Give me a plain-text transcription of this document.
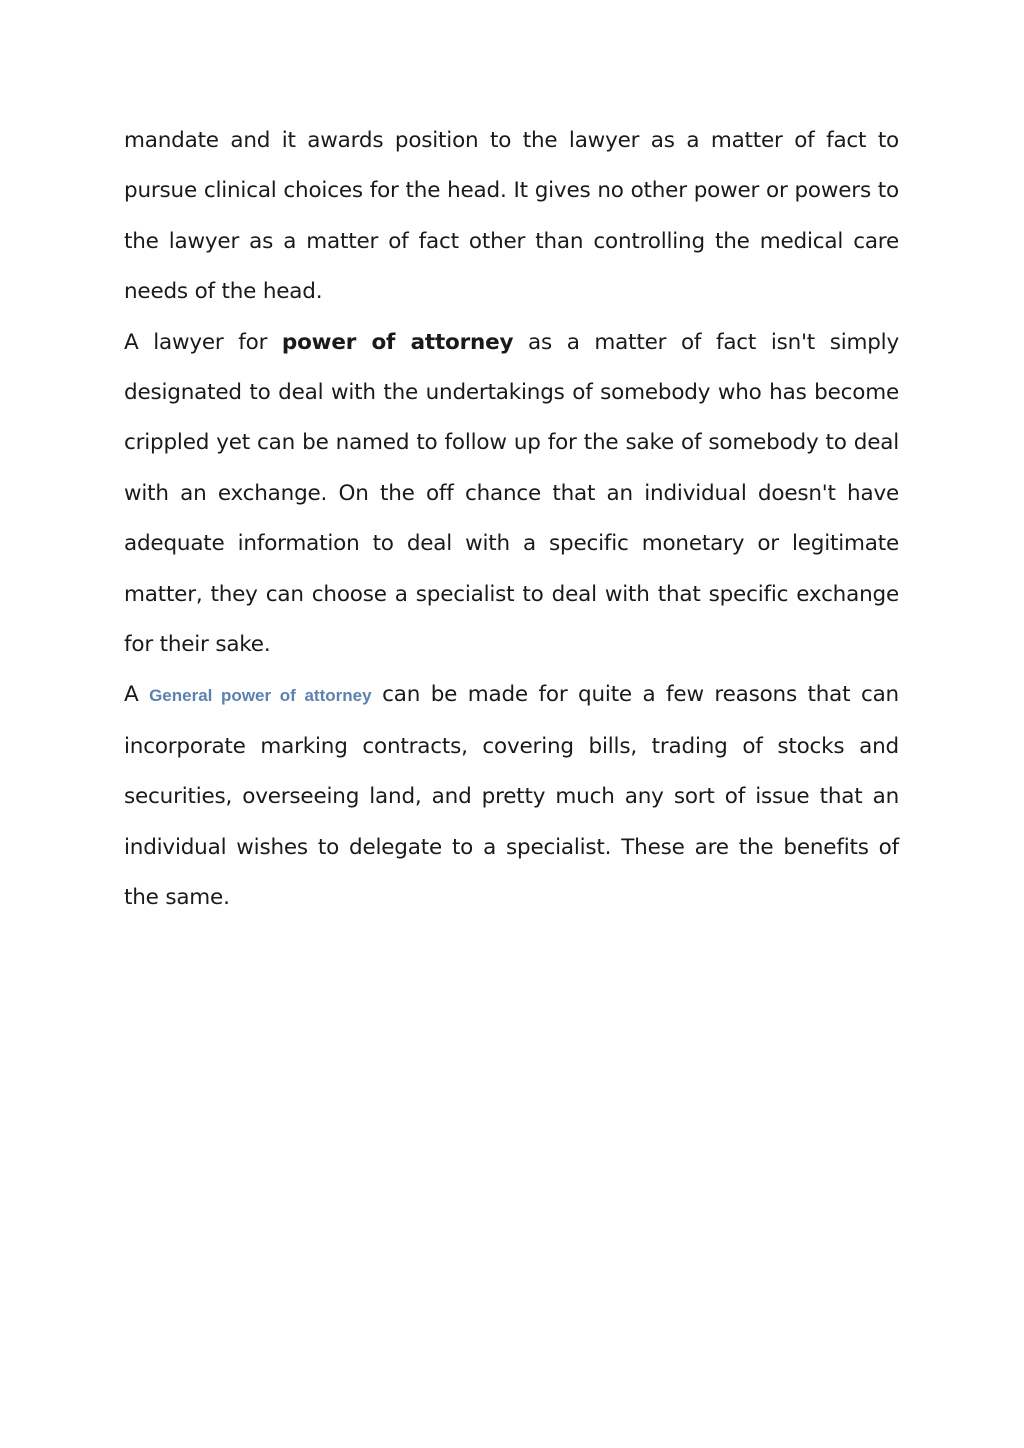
mandate and it awards position to the lawyer as a matter of fact to pursue clinical choices for the head. It gives no other power or powers to the lawyer as a matter of fact other than controlling the medical care needs of the head.

A lawyer for power of attorney as a matter of fact isn't simply designated to deal with the undertakings of somebody who has become crippled yet can be named to follow up for the sake of somebody to deal with an exchange. On the off chance that an individual doesn't have adequate information to deal with a specific monetary or legitimate matter, they can choose a specialist to deal with that specific exchange for their sake.

A General power of attorney can be made for quite a few reasons that can incorporate marking contracts, covering bills, trading of stocks and securities, overseeing land, and pretty much any sort of issue that an individual wishes to delegate to a specialist. These are the benefits of the same.
